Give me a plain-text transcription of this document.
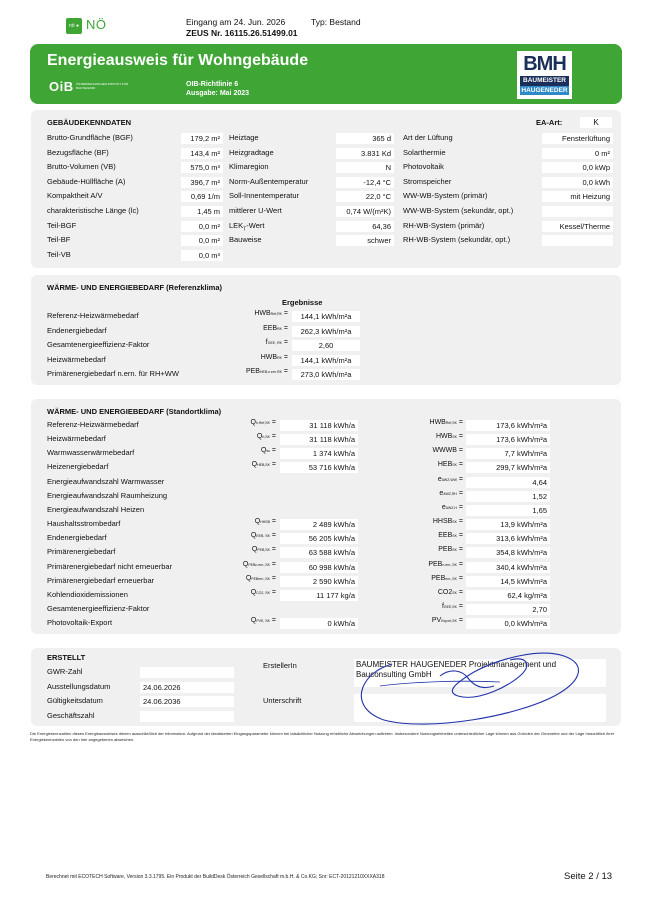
nö ● NÖ	Eingang am 24. Jun. 2026	Typ: Bestand
ZEUS Nr. 16115.26.51499.01
Energieausweis für Wohngebäude
OiB ÖSTERREICHISCHES INSTITUT FÜR BAUTECHNIK	OIB-Richtlinie 6
Ausgabe: Mai 2023
BMH
BAUMEISTER
HAUGENEDER
GEBÄUDEKENNDATEN	EA-Art:	K
Brutto-Grundfläche (BGF)	179,2 m²
Bezugsfläche (BF)	143,4 m²
Brutto-Volumen (VB)	575,0 m³
Gebäude-Hüllfläche (A)	396,7 m²
Kompaktheit A/V	0,69 1/m
charakteristische Länge (lc)	1,45 m
Teil-BGF	0,0 m²
Teil-BF	0,0 m²
Teil-VB	0,0 m³
Heiztage	365 d
Heizgradtage	3.831 Kd
Klimaregion	N
Norm-Außentemperatur	-12,4 °C
Soll-Innentemperatur	22,0 °C
mittlerer U-Wert	0,74 W/(m²K)
$LEK_T$-Wert	64,36
Bauweise	schwer
Art der Lüftung	Fensterlüftung
Solarthermie	0 m²
Photovoltaik	0,0 kWp
Stromspeicher	0,0 kWh
WW-WB-System (primär)	mit Heizung
WW-WB-System (sekundär, opt.)
RH-WB-System (primär)	Kessel/Therme
RH-WB-System (sekundär, opt.)
WÄRME- UND ENERGIEBEDARF (Referenzklima)
Ergebnisse
Referenz-Heizwärmebedarf	HWBRef,RK =	144,1 kWh/m²a
Endenergiebedarf	EEBRK =	262,3 kWh/m²a
Gesamtenergieeffizienz-Faktor	fGEE, RK =	2,60
Heizwärmebedarf	HWBRK =	144,1 kWh/m²a
Primärenergiebedarf n.ern. für RH+WW	PEBHEB,n.ern.RK =	273,0 kWh/m²a
WÄRME- UND ENERGIEBEDARF (Standortklima)
Referenz-Heizwärmebedarf	Qh,Ref,SK =	31 118 kWh/a	HWBRef,SK =	173,6 kWh/m²a
Heizwärmebedarf	Qh,SK =	31 118 kWh/a	HWBSK =	173,6 kWh/m²a
Warmwasserwärmebedarf	Qtw =	1 374 kWh/a	WWWB =	7,7 kWh/m²a
Heizenergiebedarf	QHEB,SK =	53 716 kWh/a	HEBSK =	299,7 kWh/m²a
Energieaufwandszahl Warmwasser	eAWZ,WW =	4,64
Energieaufwandszahl Raumheizung	eAWZ,RH =	1,52
Energieaufwandszahl Heizen	eAWZ,H =	1,65
Haushaltsstrombedarf	QHHSB =	2 489 kWh/a	HHSBSK =	13,9 kWh/m²a
Endenergiebedarf	QEEB, SK =	56 205 kWh/a	EEBSK =	313,6 kWh/m²a
Primärenergiebedarf	QPEB,SK =	63 588 kWh/a	PEBSK =	354,8 kWh/m²a
Primärenergiebedarf nicht erneuerbar	QPEBn.ern.,SK =	60 998 kWh/a	PEBn.ern.,SK =	340,4 kWh/m²a
Primärenergiebedarf erneuerbar	QPEBern.,SK =	2 590 kWh/a	PEBern.,SK =	14,5 kWh/m²a
Kohlendioxidemissionen	QCO2, SK =	11 177 kg/a	CO2SK =	62,4 kg/m²a
Gesamtenergieeffizienz-Faktor	fGEE,SK =	2,70
Photovoltaik-Export	QPVE, SK =	0 kWh/a	PVExport,SK =	0,0 kWh/m²a
ERSTELLT
GWR-Zahl
Ausstellungsdatum	24.06.2026
Gültigkeitsdatum	24.06.2036
Geschäftszahl
ErstellerIn	BAUMEISTER HAUGENEDER Projektmanagement und Bauconsulting GmbH
Unterschrift
Die Energiekennzahlen dieses Energieausweises dienen ausschließlich der Information. Aufgrund der idealisierten Eingangsparameter können bei tatsächlicher Nutzung erhebliche Abweichungen auftreten. Insbesondere Nutzungseinheiten unterschiedlicher Lage können aus Gründen der Geometrie und der Lage hinsichtlich ihrer Energiekennzahlen von den hier angegebenen abweichen.
Berechnet mit ECOTECH Software, Version 3.3.1795. Ein Produkt der BuildDesk Österreich Gesellschaft m.b.H. & Co.KG; Snr: ECT-20121210XXXA318	Seite 2 / 13
